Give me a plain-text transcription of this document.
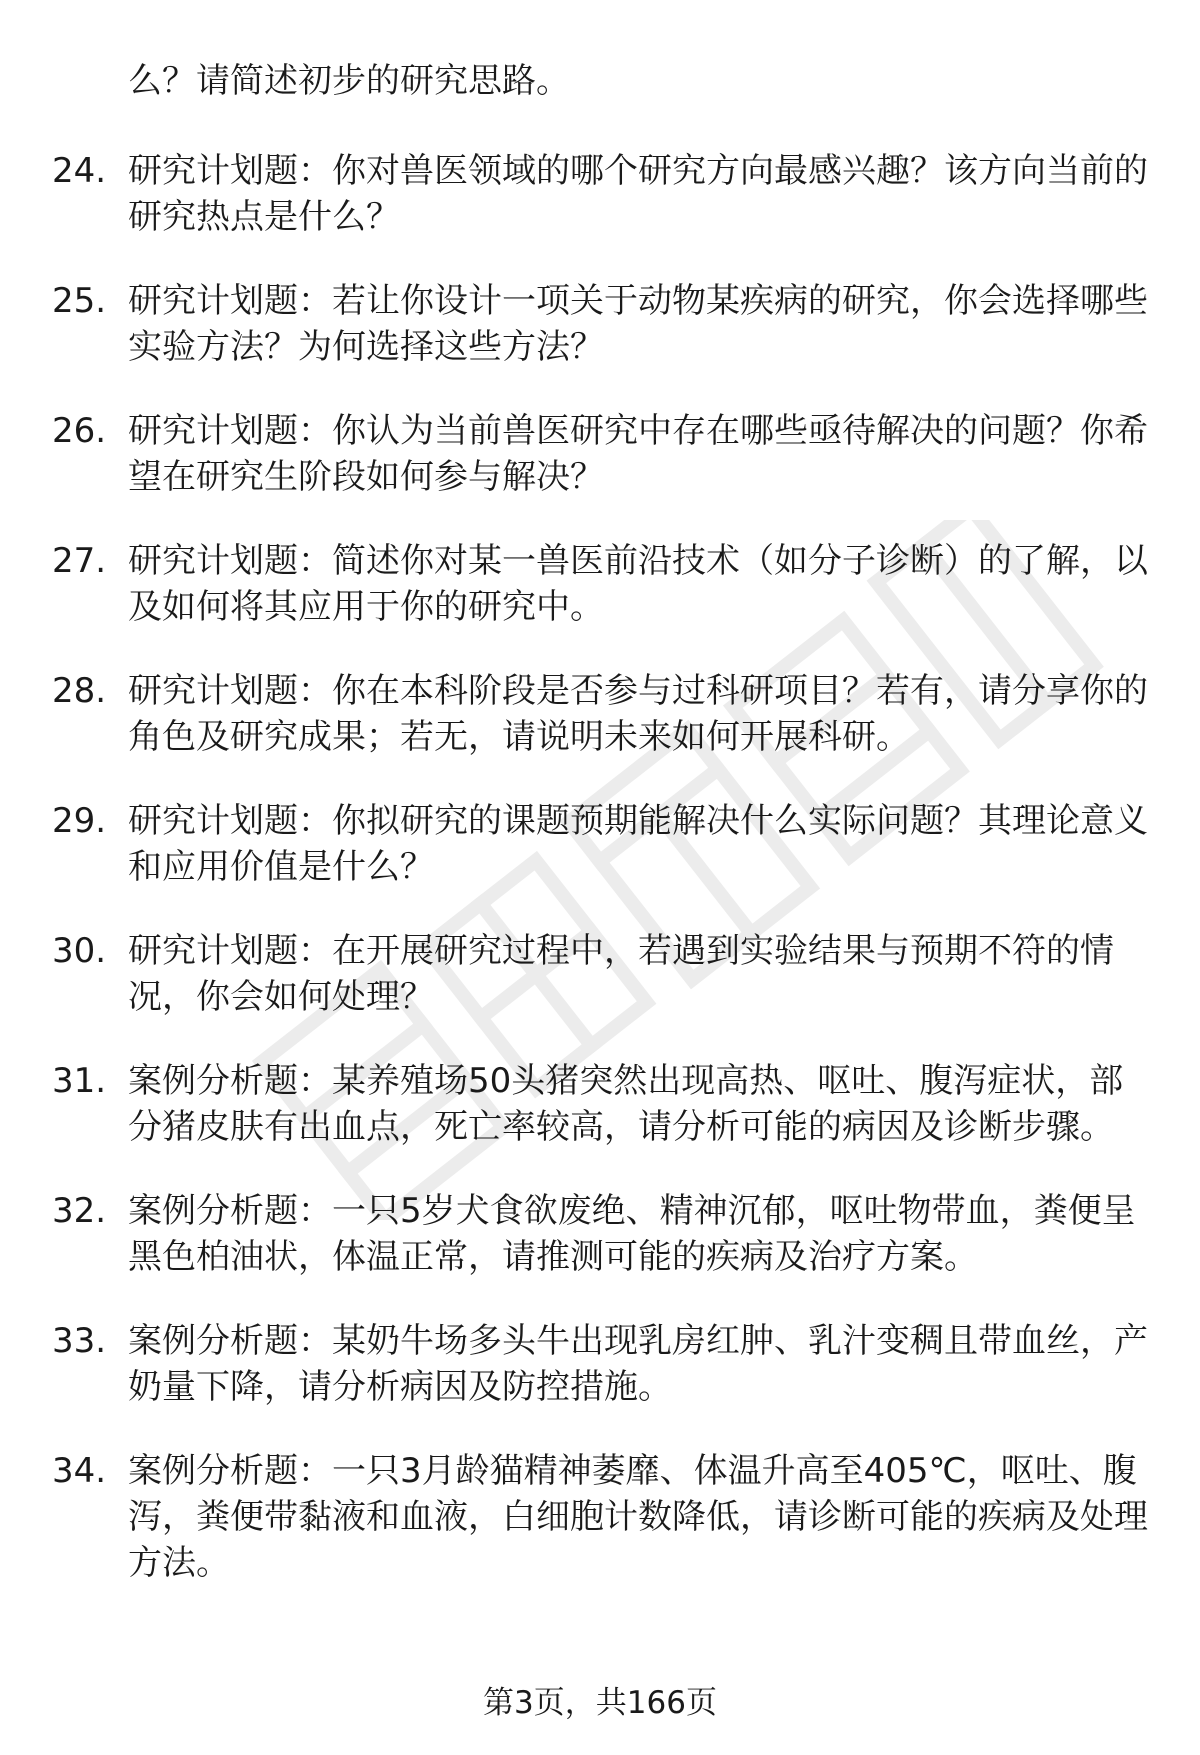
么？请简述初步的研究思路。
24. 研究计划题：你对兽医领域的哪个研究方向最感兴趣？该方向当前的研究热点是什么？
25. 研究计划题：若让你设计一项关于动物某疾病的研究，你会选择哪些实验方法？为何选择这些方法？
26. 研究计划题：你认为当前兽医研究中存在哪些亟待解决的问题？你希望在研究生阶段如何参与解决？
27. 研究计划题：简述你对某一兽医前沿技术（如分子诊断）的了解，以及如何将其应用于你的研究中。
28. 研究计划题：你在本科阶段是否参与过科研项目？若有，请分享你的角色及研究成果；若无，请说明未来如何开展科研。
29. 研究计划题：你拟研究的课题预期能解决什么实际问题？其理论意义和应用价值是什么？
30. 研究计划题：在开展研究过程中，若遇到实验结果与预期不符的情况，你会如何处理？
31. 案例分析题：某养殖场50头猪突然出现高热、呕吐、腹泻症状，部分猪皮肤有出血点，死亡率较高，请分析可能的病因及诊断步骤。
32. 案例分析题：一只5岁犬食欲废绝、精神沉郁，呕吐物带血，粪便呈黑色柏油状，体温正常，请推测可能的疾病及治疗方案。
33. 案例分析题：某奶牛场多头牛出现乳房红肿、乳汁变稠且带血丝，产奶量下降，请分析病因及防控措施。
34. 案例分析题：一只3月龄猫精神萎靡、体温升高至405℃，呕吐、腹泻，粪便带黏液和血液，白细胞计数降低，请诊断可能的疾病及处理方法。
第3页，共166页
